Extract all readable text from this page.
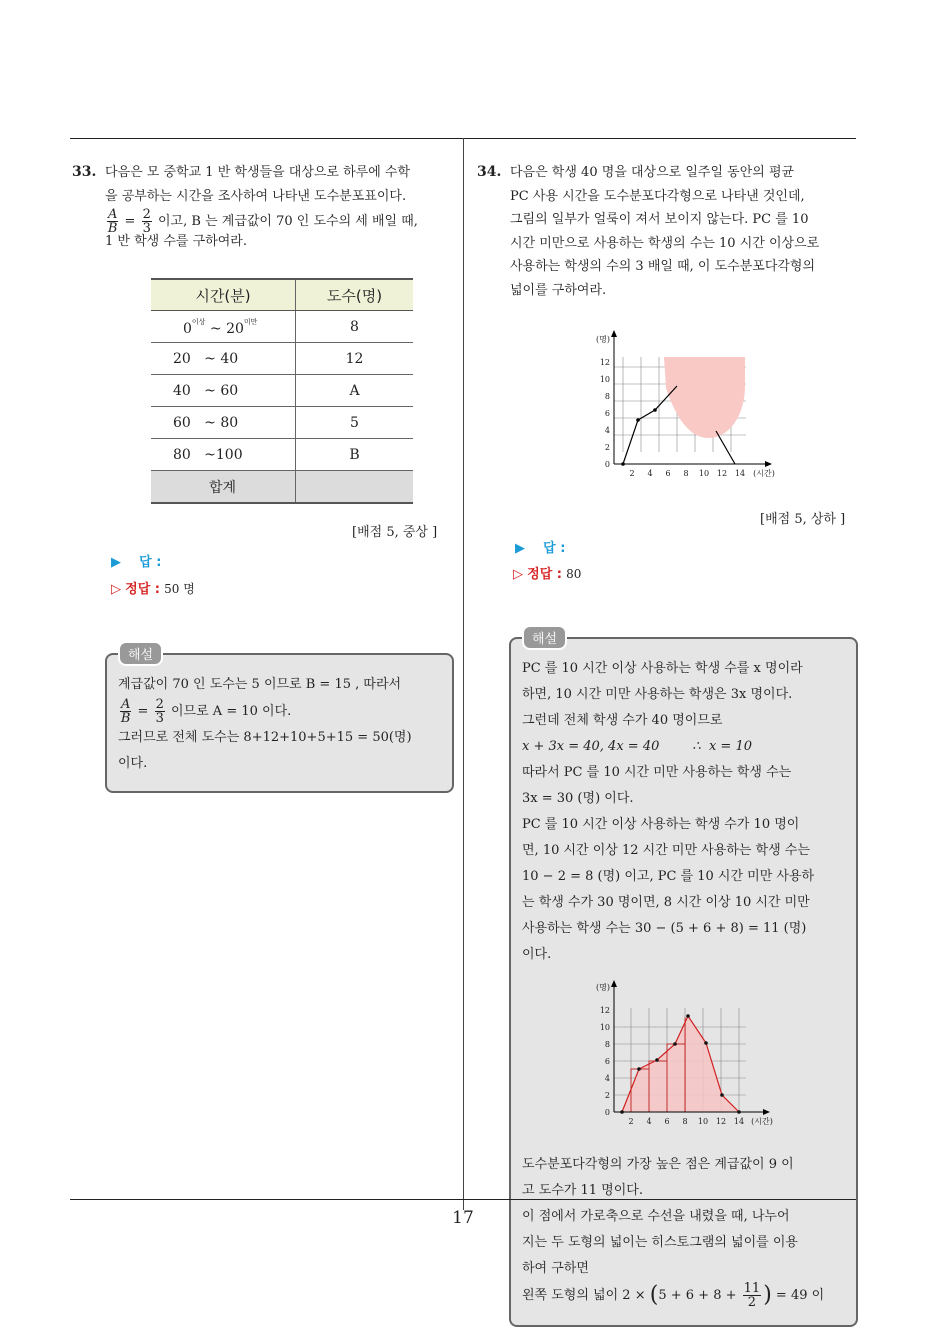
33. 다음은 모 중학교 1 반 학생들을 대상으로 하루에 수학
을 공부하는 시간을 조사하여 나타낸 도수분포표이다.
$\frac{A}{B} = \frac{2}{3}$ 이고, B 는 계급값이 70 인 도수의 세 배일 때,
1 반 학생 수를 구하여라.
시간(분)	도수(명)
$0^{이상}$ ~ $20^{미만}$	8
20   ~ 40	12
40   ~ 60	A
60   ~ 80	5
80   ~100	B
합계	
[배점 5, 중상 ]
▶ 답 :
▷ 정답 : 50 명
해설
계급값이 70 인 도수는 5 이므로 B = 15 , 따라서
$\frac{A}{B} = \frac{2}{3}$ 이므로 A = 10 이다.
그러므로 전체 도수는 8+12+10+5+15 = 50(명)
이다.
34. 다음은 학생 40 명을 대상으로 일주일 동안의 평균
PC 사용 시간을 도수분포다각형으로 나타낸 것인데,
그림의 일부가 얼룩이 져서 보이지 않는다. PC 를 10
시간 미만으로 사용하는 학생의 수는 10 시간 이상으로
사용하는 학생의 수의 3 배일 때, 이 도수분포다각형의
넓이를 구하여라.
0
2
4
6
8
10
12
(명)
2 4 6 8 10 12 14 (시간)
[배점 5, 상하 ]
▶ 답 :
▷ 정답 : 80
해설
PC 를 10 시간 이상 사용하는 학생 수를 x 명이라
하면, 10 시간 미만 사용하는 학생은 3x 명이다.
그런데 전체 학생 수가 40 명이므로
x + 3x = 40, 4x = 40        ∴  x = 10
따라서 PC 를 10 시간 미만 사용하는 학생 수는
3x = 30 (명) 이다.
PC 를 10 시간 이상 사용하는 학생 수가 10 명이
면, 10 시간 이상 12 시간 미만 사용하는 학생 수는
10 − 2 = 8 (명) 이고, PC 를 10 시간 미만 사용하
는 학생 수가 30 명이면, 8 시간 이상 10 시간 미만
사용하는 학생 수는 30 − (5 + 6 + 8) = 11 (명)
이다.
0
2
4
6
8
10
12
(명)
2 4 6 8 10 12 14 (시간)
도수분포다각형의 가장 높은 점은 계급값이 9 이
고 도수가 11 명이다.
이 점에서 가로축으로 수선을 내렸을 때, 나누어
지는 두 도형의 넓이는 히스토그램의 넓이를 이용
하여 구하면
왼쪽 도형의 넓이 $2 \times (5 + 6 + 8 + \frac{11}{2}$ ) = 49 이
17
